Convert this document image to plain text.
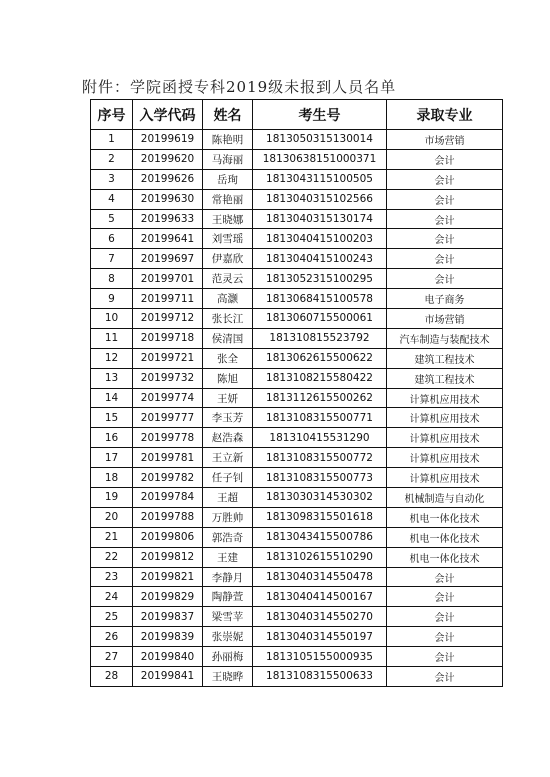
附件：学院函授专科2019级未报到人员名单
序号	入学代码	姓名	考生号	录取专业
1	20199619	陈艳明	1813050315130014	市场营销
2	20199620	马海丽	18130638151000371	会计
3	20199626	岳珣	1813043115100505	会计
4	20199630	常艳丽	1813040315102566	会计
5	20199633	王晓娜	1813040315130174	会计
6	20199641	刘雪瑶	1813040415100203	会计
7	20199697	伊嘉欣	1813040415100243	会计
8	20199701	范灵云	1813052315100295	会计
9	20199711	高灏	1813068415100578	电子商务
10	20199712	张长江	1813060715500061	市场营销
11	20199718	侯清国	181310815523792	汽车制造与装配技术
12	20199721	张全	1813062615500622	建筑工程技术
13	20199732	陈旭	1813108215580422	建筑工程技术
14	20199774	王妍	1813112615500262	计算机应用技术
15	20199777	李玉芳	1813108315500771	计算机应用技术
16	20199778	赵浩森	181310415531290	计算机应用技术
17	20199781	王立新	1813108315500772	计算机应用技术
18	20199782	任子钊	1813108315500773	计算机应用技术
19	20199784	王超	1813030314530302	机械制造与自动化
20	20199788	万胜帅	1813098315501618	机电一体化技术
21	20199806	郭浩奇	1813043415500786	机电一体化技术
22	20199812	王建	1813102615510290	机电一体化技术
23	20199821	李静月	1813040314550478	会计
24	20199829	陶静萱	1813040414500167	会计
25	20199837	梁雪苹	1813040314550270	会计
26	20199839	张崇妮	1813040314550197	会计
27	20199840	孙丽梅	1813105155000935	会计
28	20199841	王晓晔	1813108315500633	会计
